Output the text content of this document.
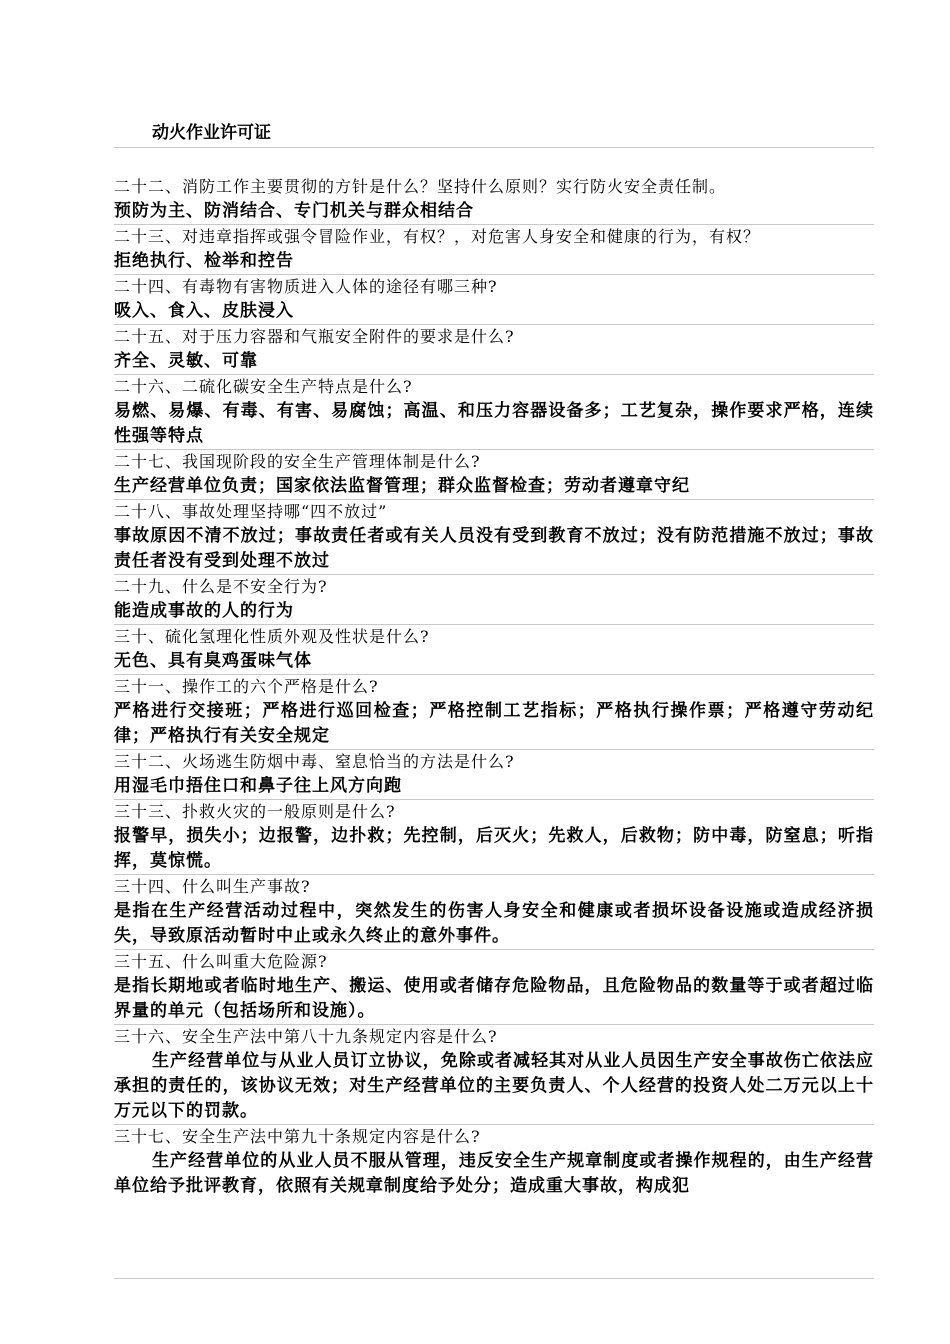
动火作业许可证
二十二、消防工作主要贯彻的方针是什么？坚持什么原则？实行防火安全责任制。
预防为主、防消结合、专门机关与群众相结合
二十三、对违章指挥或强令冒险作业，有权？，对危害人身安全和健康的行为，有权？
拒绝执行、检举和控告
二十四、有毒物有害物质进入人体的途径有哪三种?
吸入、食入、皮肤浸入
二十五、对于压力容器和气瓶安全附件的要求是什么?
齐全、灵敏、可靠
二十六、二硫化碳安全生产特点是什么?
易燃、易爆、有毒、有害、易腐蚀；高温、和压力容器设备多；工艺复杂，操作要求严格，连续性强等特点
二十七、我国现阶段的安全生产管理体制是什么?
生产经营单位负责；国家依法监督管理；群众监督检查；劳动者遵章守纪
二十八、事故处理坚持哪“四不放过”
事故原因不清不放过；事故责任者或有关人员没有受到教育不放过；没有防范措施不放过；事故责任者没有受到处理不放过
二十九、什么是不安全行为?
能造成事故的人的行为
三十、硫化氢理化性质外观及性状是什么?
无色、具有臭鸡蛋味气体
三十一、操作工的六个严格是什么?
严格进行交接班；严格进行巡回检查；严格控制工艺指标；严格执行操作票；严格遵守劳动纪律；严格执行有关安全规定
三十二、火场逃生防烟中毒、窒息恰当的方法是什么?
用湿毛巾捂住口和鼻子往上风方向跑
三十三、扑救火灾的一般原则是什么?
报警早，损失小；边报警，边扑救；先控制，后灭火；先救人，后救物；防中毒，防窒息；听指挥，莫惊慌。
三十四、什么叫生产事故?
是指在生产经营活动过程中，突然发生的伤害人身安全和健康或者损坏设备设施或造成经济损失，导致原活动暂时中止或永久终止的意外事件。
三十五、什么叫重大危险源?
是指长期地或者临时地生产、搬运、使用或者储存危险物品，且危险物品的数量等于或者超过临界量的单元（包括场所和设施）。
三十六、安全生产法中第八十九条规定内容是什么?
生产经营单位与从业人员订立协议，免除或者减轻其对从业人员因生产安全事故伤亡依法应承担的责任的，该协议无效；对生产经营单位的主要负责人、个人经营的投资人处二万元以上十万元以下的罚款。
三十七、安全生产法中第九十条规定内容是什么?
生产经营单位的从业人员不服从管理，违反安全生产规章制度或者操作规程的，由生产经营单位给予批评教育，依照有关规章制度给予处分；造成重大事故，构成犯
